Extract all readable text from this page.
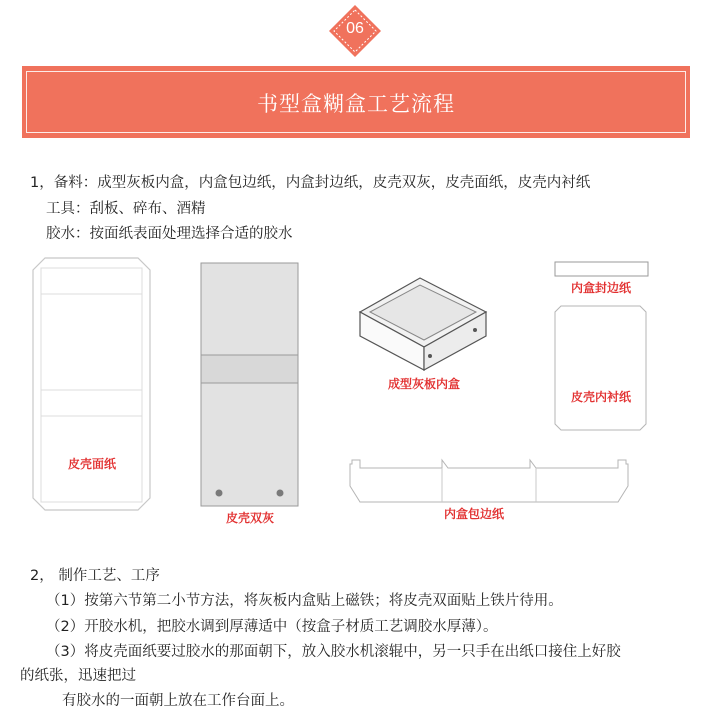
06
书型盒糊盒工艺流程
1，备料：成型灰板内盒，内盒包边纸，内盒封边纸，皮壳双灰，皮壳面纸，皮壳内衬纸
工具：刮板、碎布、酒精
胶水：按面纸表面处理选择合适的胶水
皮壳面纸
皮壳双灰
成型灰板内盒
内盒封边纸
皮壳内衬纸
内盒包边纸
2， 制作工艺、工序
（1）按第六节第二小节方法，将灰板内盒贴上磁铁；将皮壳双面贴上铁片待用。
（2）开胶水机，把胶水调到厚薄适中（按盒子材质工艺调胶水厚薄）。
（3）将皮壳面纸要过胶水的那面朝下，放入胶水机滚辊中，另一只手在出纸口接住上好胶
的纸张，迅速把过
有胶水的一面朝上放在工作台面上。
